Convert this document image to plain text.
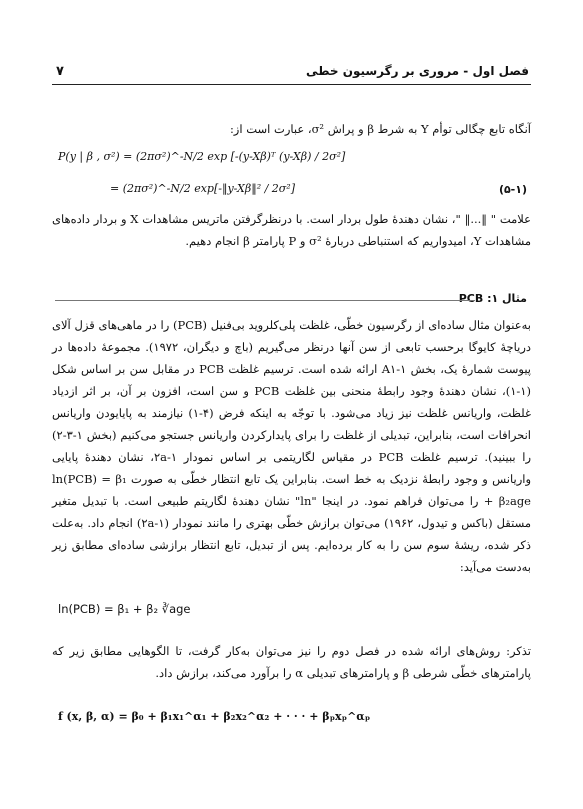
۷	فصل اول - مروری بر رگرسیون خطی
آنگاه تابع چگالی توأم Y به شرط β و پراش σ²، عبارت است از:
P(y | β , σ²) = (2πσ²)^-N/2 exp [-(y-Xβ)ᵀ (y-Xβ) / 2σ²]
= (2πσ²)^-N/2 exp[-‖y-Xβ‖² / 2σ²]	(۵-۱)
علامت " ‖...‖ "، نشان دهندهٔ طول بردار است. با درنظرگرفتن ماتریس مشاهدات X و بردار داده‌های مشاهدات Y، امیدواریم که استنباطی دربارهٔ σ² و P پارامتر β انجام دهیم.
مثال ۱: PCB
به‌عنوان مثال ساده‌ای از رگرسیون خطّی، غلظت پلی‌کلروید بی‌فنیل (PCB) را در ماهی‌های قزل آلای دریاچهٔ کایوگا برحسب تابعی از سن آنها درنظر می‌گیریم (باچ و دیگران، ۱۹۷۲). مجموعهٔ داده‌ها در پیوست شمارهٔ یک، بخش A۱-۱ ارائه شده است. ترسیم غلظت PCB در مقابل سن بر اساس شکل (۱-۱)، نشان دهندهٔ وجود رابطهٔ منحنی بین غلظت PCB و سن است، افزون بر آن، بر اثر ازدیاد غلظت، واریانس غلظت نیز زیاد می‌شود. با توجّه به اینکه فرض (۴-۱) نیازمند به پایایودن واریانس انحرافات است، بنابراین، تبدیلی از غلظت را برای پایدارکردن واریانس جستجو می‌کنیم (بخش ۱-۳-۲) را ببینید). ترسیم غلظت PCB در مقیاس لگاریتمی بر اساس نمودار ۱-۲a، نشان دهندهٔ پایایی واریانس و وجود رابطهٔ نزدیک به خط است. بنابراین یک تابع انتظار خطّی به صورت ln(PCB) = β₁ + β₂age را می‌توان فراهم نمود. در اینجا "ln" نشان دهندهٔ لگاریتم طبیعی است. با تبدیل متغیر مستقل (باکس و تیدول، ۱۹۶۲) می‌توان برازش خطّی بهتری را مانند نمودار (۱-۲a) انجام داد. به‌علت ذکر شده، ریشهٔ سوم سن را به کار برده‌ایم. پس از تبدیل، تابع انتظار برازشی ساده‌ای مطابق زیر به‌دست می‌آید:
ln(PCB) = β₁ + β₂ ∛age
تذکر: روش‌های ارائه شده در فصل دوم را نیز می‌توان به‌کار گرفت، تا الگوهایی مطابق زیر که پارامترهای خطّی شرطی β و پارامترهای تبدیلی α را برآورد می‌کند، برازش داد.
f (x, β, α) = β₀ + β₁x₁^α₁ + β₂x₂^α₂ + · · · + βₚxₚ^αₚ
